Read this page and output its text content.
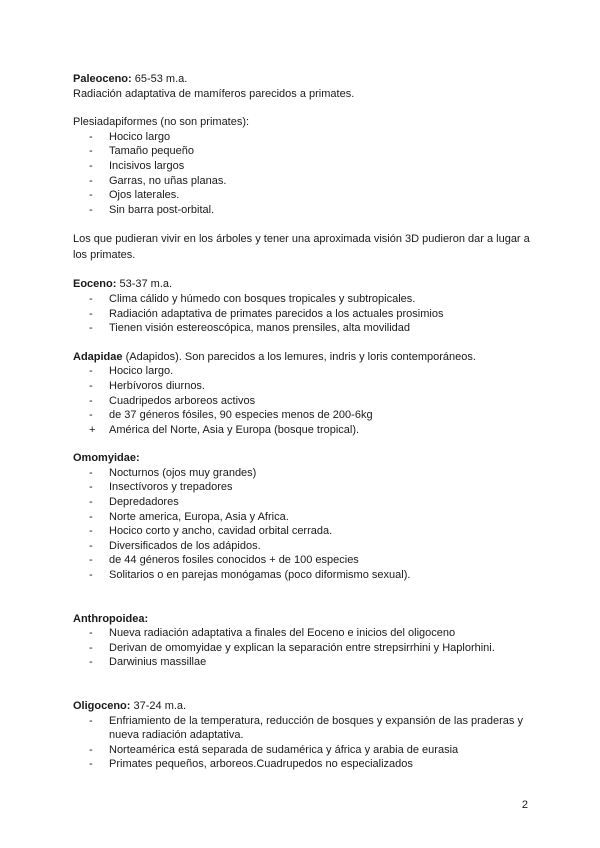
Paleoceno: 65-53 m.a.

Radiación adaptativa de mamíferos parecidos a primates.

Plesiadapiformes (no son primates):

-	Hocico largo
-	Tamaño pequeño
-	Incisivos largos
-	Garras, no uñas planas.
-	Ojos laterales.
-	Sin barra post-orbital.

Los que pudieran vivir en los árboles y tener una aproximada visión 3D pudieron dar a lugar a los primates.

Eoceno: 53-37 m.a.

-	Clima cálido y húmedo con bosques tropicales y subtropicales.
-	Radiación adaptativa de primates parecidos a los actuales prosimios
-	Tienen visión estereoscópica, manos prensiles, alta movilidad

Adapidae (Adapidos). Son parecidos a los lemures, indris y loris contemporáneos.

-	Hocico largo.
-	Herbívoros diurnos.
-	Cuadripedos arboreos activos
-	de 37 géneros fósiles, 90 especies menos de 200-6kg
+	América del Norte, Asia y Europa (bosque tropical).

Omomyidae:

-	Nocturnos (ojos muy grandes)
-	Insectívoros y trepadores
-	Depredadores
-	Norte america, Europa, Asia y Africa.
-	Hocico corto y ancho, cavidad orbital cerrada.
-	Diversificados de los adápidos.
-	de 44 géneros fosiles conocidos + de 100 especies
-	Solitarios o en parejas monógamas (poco diformismo sexual).

Anthropoidea:

-	Nueva radiación adaptativa a finales del Eoceno e inicios del oligoceno
-	Derivan de omomyidae y explican la separación entre strepsirrhini y Haplorhini.
-	Darwinius massillae

Oligoceno: 37-24 m.a.

-	Enfriamiento de la temperatura, reducción de bosques y expansión de las praderas y nueva radiación adaptativa.
-	Norteamérica está separada de sudamérica y áfrica y arabia de eurasia
-	Primates pequeños, arboreos.Cuadrupedos no especializados
2
